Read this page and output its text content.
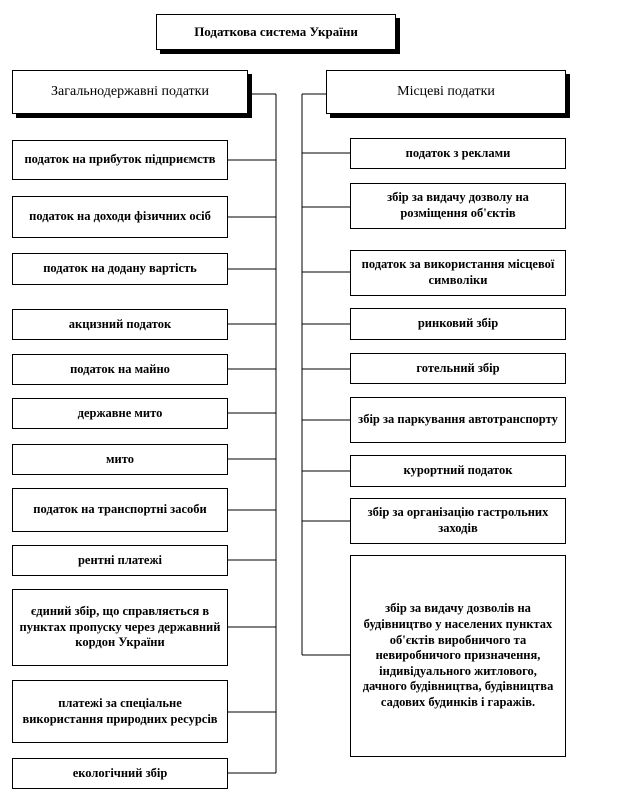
Податкова система України
Загальнодержавні податки	Місцеві податки
податок на прибуток підприємств
податок на доходи фізичних осіб
податок на додану вартість
акцизний податок
податок на майно
державне мито
мито
податок на транспортні засоби
рентні платежі
єдиний збір, що справляється в пунктах пропуску через державний кордон України
платежі за спеціальне використання природних ресурсів
екологічний збір
податок з реклами
збір за видачу дозволу на розміщення об'єктів
податок за використання місцевої символіки
ринковий збір
готельний збір
збір за паркування автотранспорту
курортний податок
збір за організацію гастрольних заходів
збір за видачу дозволів на будівництво у населених пунктах об'єктів виробничого та невиробничого призначення, індивідуального житлового, дачного будівництва, будівництва садових будинків і гаражів.
